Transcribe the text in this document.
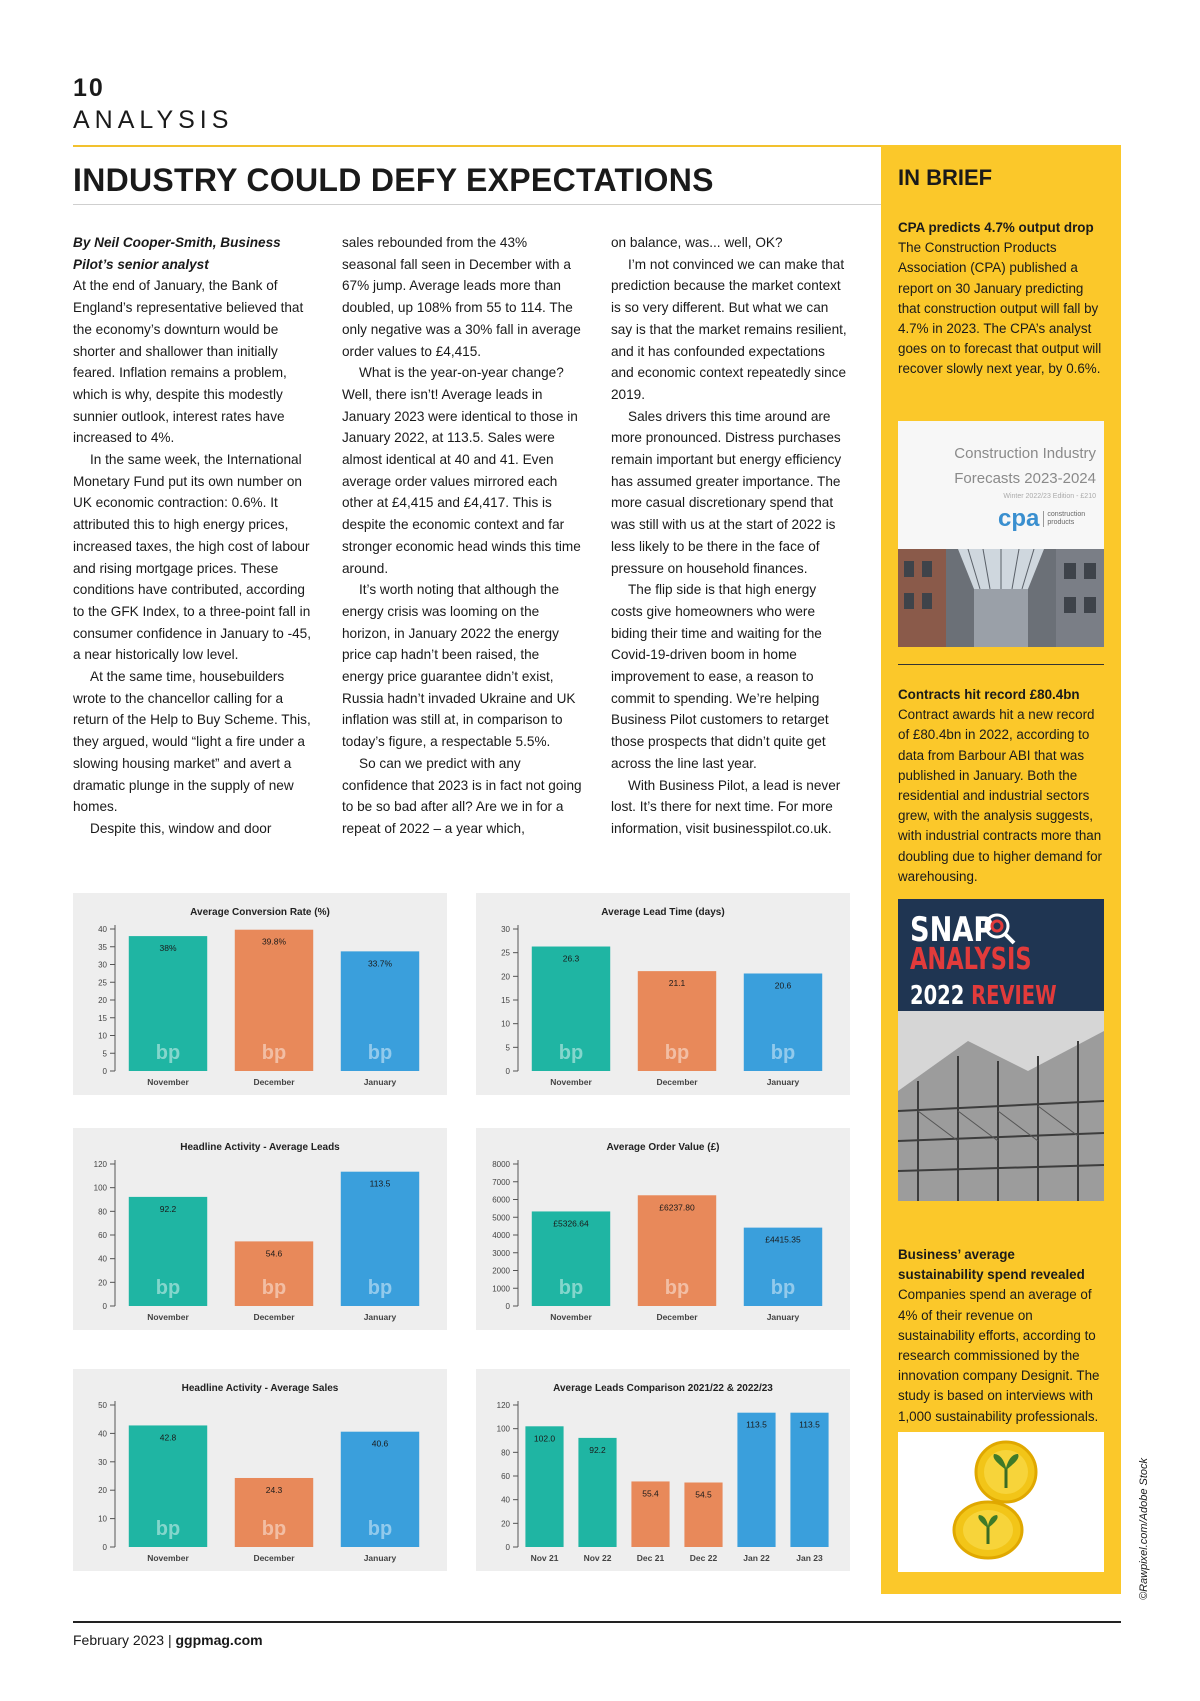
10
ANALYSIS
INDUSTRY COULD DEFY EXPECTATIONS

By Neil Cooper-Smith, Business Pilot’s senior analyst

At the end of January, the Bank of England’s representative believed that the economy’s downturn would be shorter and shallower than initially feared. Inflation remains a problem, which is why, despite this modestly sunnier outlook, interest rates have increased to 4%.

In the same week, the International Monetary Fund put its own number on UK economic contraction: 0.6%. It attributed this to high energy prices, increased taxes, the high cost of labour and rising mortgage prices. These conditions have contributed, according to the GFK Index, to a three-point fall in consumer confidence in January to -45, a near historically low level.

At the same time, housebuilders wrote to the chancellor calling for a return of the Help to Buy Scheme. This, they argued, would “light a fire under a slowing housing market” and avert a dramatic plunge in the supply of new homes.

Despite this, window and door

sales rebounded from the 43% seasonal fall seen in December with a 67% jump. Average leads more than doubled, up 108% from 55 to 114. The only negative was a 30% fall in average order values to £4,415.

What is the year-on-year change? Well, there isn’t! Average leads in January 2023 were identical to those in January 2022, at 113.5. Sales were almost identical at 40 and 41. Even average order values mirrored each other at £4,415 and £4,417. This is despite the economic context and far stronger economic head winds this time around.

It’s worth noting that although the energy crisis was looming on the horizon, in January 2022 the energy price cap hadn’t been raised, the energy price guarantee didn’t exist, Russia hadn’t invaded Ukraine and UK inflation was still at, in comparison to today’s figure, a respectable 5.5%.

So can we predict with any confidence that 2023 is in fact not going to be so bad after all? Are we in for a repeat of 2022 – a year which,

on balance, was... well, OK?

I’m not convinced we can make that prediction because the market context is so very different. But what we can say is that the market remains resilient, and it has confounded expectations and economic context repeatedly since 2019.

Sales drivers this time around are more pronounced. Distress purchases remain important but energy efficiency has assumed greater importance. The more casual discretionary spend that was still with us at the start of 2022 is less likely to be there in the face of pressure on household finances.

The flip side is that high energy costs give homeowners who were biding their time and waiting for the Covid-19-driven boom in home improvement to ease, a reason to commit to spending. We’re helping Business Pilot customers to retarget those prospects that didn’t quite get across the line last year.

With Business Pilot, a lead is never lost. It’s there for next time. For more information, visit businesspilot.co.uk.

Average Conversion Rate (%)
0
5
10
15
20
25
30
35
40
38%
bp
November
39.8%
bp
December
33.7%
bp
January
Average Lead Time (days)
0
5
10
15
20
25
30
26.3
bp
November
21.1
bp
December
20.6
bp
January
Headline Activity - Average Leads
0
20
40
60
80
100
120
92.2
bp
November
54.6
bp
December
113.5
bp
January
Average Order Value (£)
0
1000
2000
3000
4000
5000
6000
7000
8000
£5326.64
bp
November
£6237.80
bp
December
£4415.35
bp
January
Headline Activity - Average Sales
0
10
20
30
40
50
42.8
bp
November
24.3
bp
December
40.6
bp
January
Average Leads Comparison 2021/22 & 2022/23
0
20
40
60
80
100
120
102.0
Nov 21
92.2
Nov 22
55.4
Dec 21
54.5
Dec 22
113.5
Jan 22
113.5
Jan 23
IN BRIEF
CPA predicts 4.7% output drop
The Construction Products Association (CPA) published a report on 30 January predicting that construction output will fall by 4.7% in 2023. The CPA’s analyst goes on to forecast that output will recover slowly next year, by 0.6%.
Construction Industry
Forecasts 2023-2024
Winter 2022/23 Edition - £210
cpa construction
products
Contracts hit record £80.4bn
Contract awards hit a new record of £80.4bn in 2022, according to data from Barbour ABI that was published in January. Both the residential and industrial sectors grew, with the analysis suggests, with industrial contracts more than doubling due to higher demand for warehousing.
SNAP
ANALYSIS
2022 REVIEW
Business’ average sustainability spend revealed
Companies spend an average of 4% of their revenue on sustainability efforts, according to research commissioned by the innovation company Designit. The study is based on interviews with 1,000 sustainability professionals.
©Rawpixel.com/Adobe Stock
February 2023 | ggpmag.com
